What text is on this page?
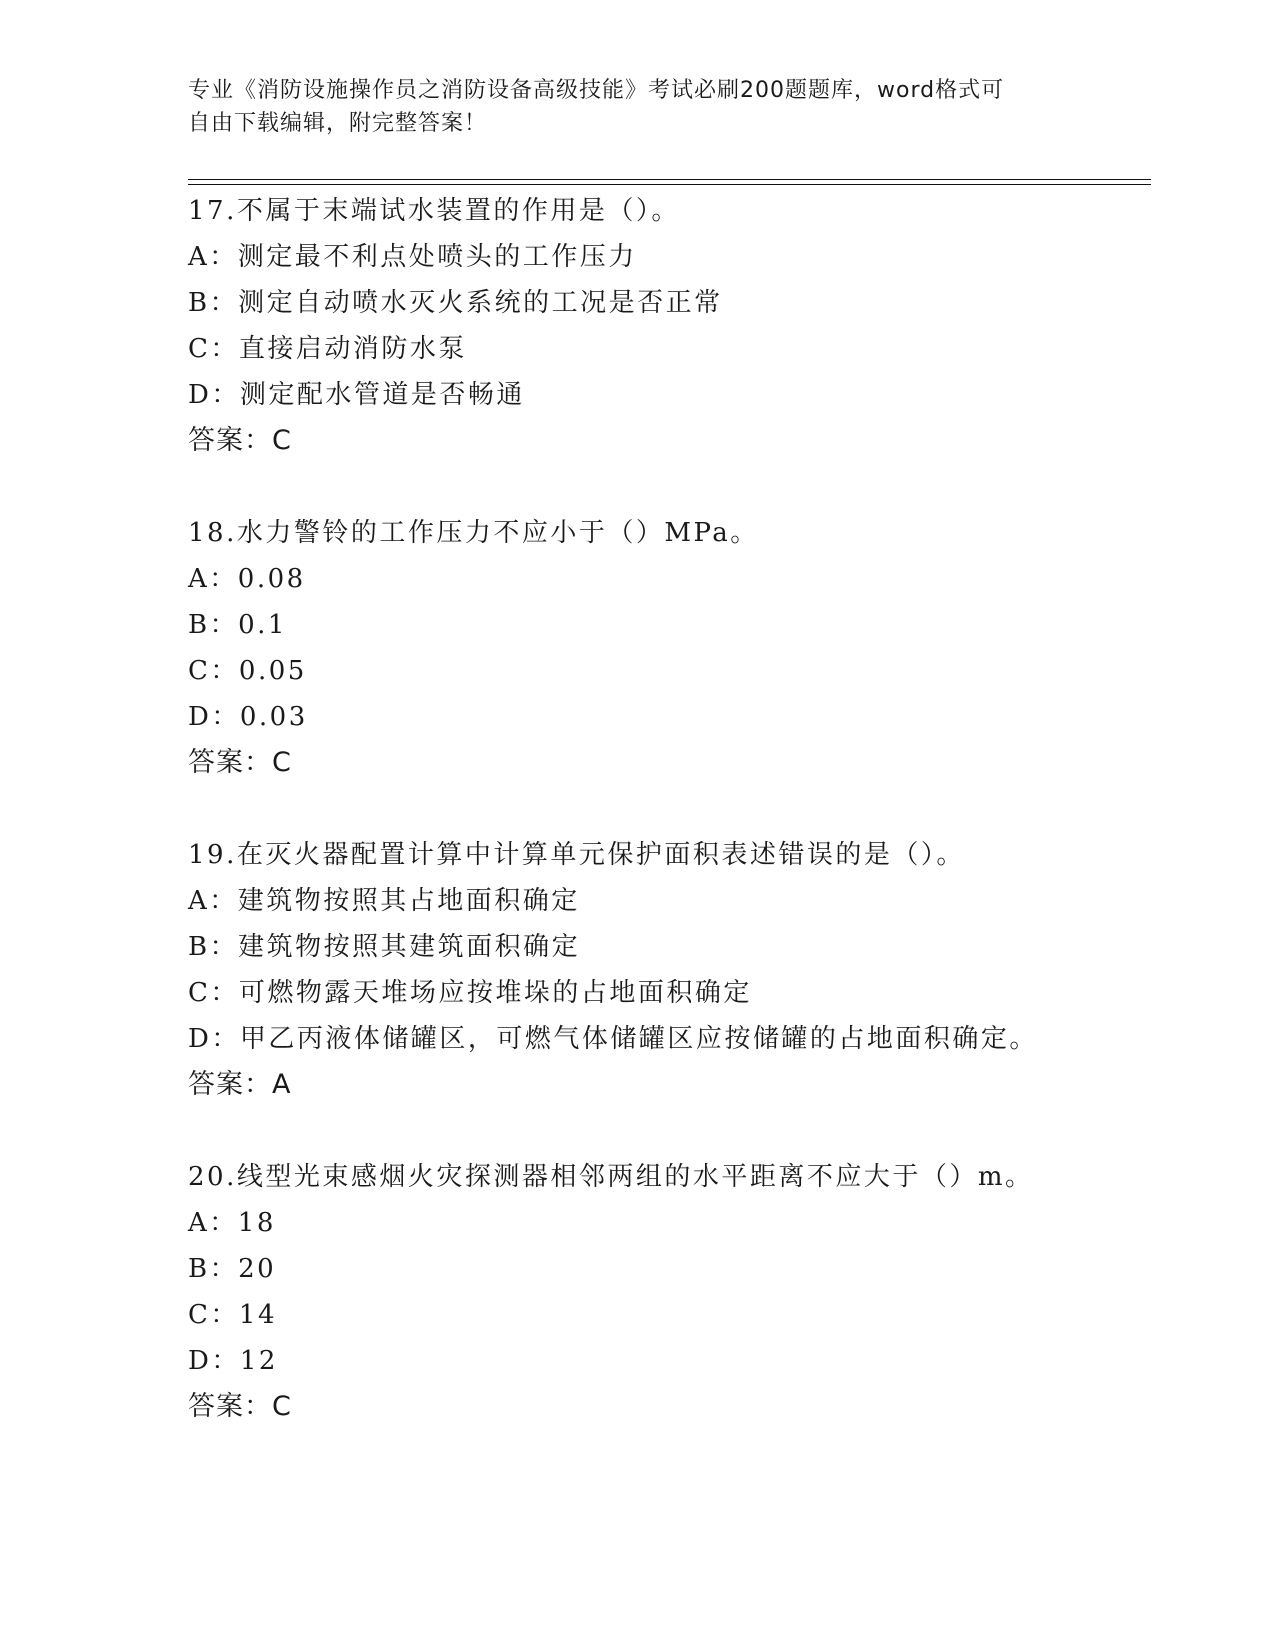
专业《消防设施操作员之消防设备高级技能》考试必刷200题题库，word格式可
自由下载编辑，附完整答案！
17.不属于末端试水装置的作用是（）。
A：测定最不利点处喷头的工作压力
B：测定自动喷水灭火系统的工况是否正常
C：直接启动消防水泵
D：测定配水管道是否畅通
答案：C
18.水力警铃的工作压力不应小于（）MPa。
A：0.08
B：0.1
C：0.05
D：0.03
答案：C
19.在灭火器配置计算中计算单元保护面积表述错误的是（）。
A：建筑物按照其占地面积确定
B：建筑物按照其建筑面积确定
C：可燃物露天堆场应按堆垛的占地面积确定
D：甲乙丙液体储罐区，可燃气体储罐区应按储罐的占地面积确定。
答案：A
20.线型光束感烟火灾探测器相邻两组的水平距离不应大于（）m。
A：18
B：20
C：14
D：12
答案：C
